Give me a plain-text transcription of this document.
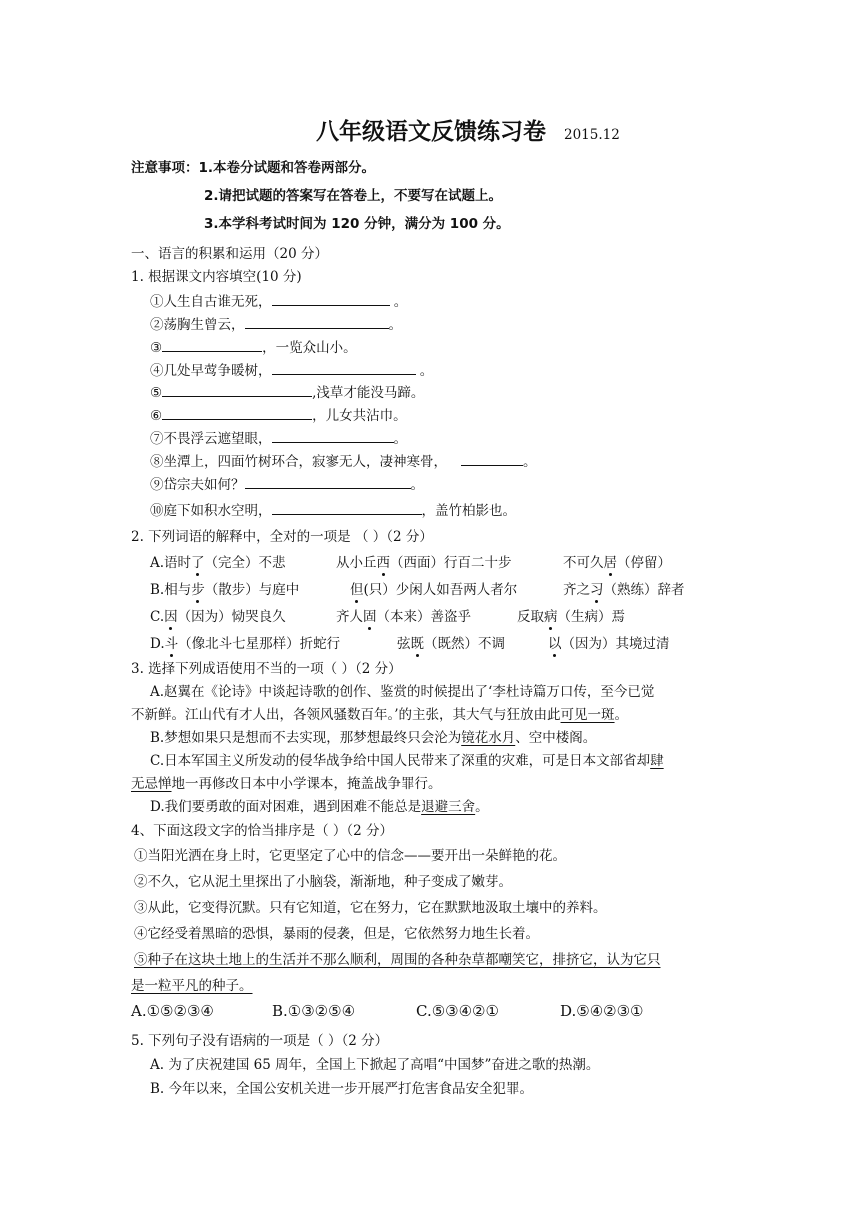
八年级语文反馈练习卷 2015.12
注意事项：1.本卷分试题和答卷两部分。
2.请把试题的答案写在答卷上，不要写在试题上。
3.本学科考试时间为 120 分钟，满分为 100 分。
一、语言的积累和运用（20 分）
1. 根据课文内容填空(10 分)
①人生自古谁无死，	。
②荡胸生曾云，	。
③	，一览众山小。
④几处早莺争暖树，	。
⑤	,浅草才能没马蹄。
⑥	，儿女共沾巾。
⑦不畏浮云遮望眼，	。
⑧坐潭上，四面竹树环合，寂寥无人，凄神寒骨，	。
⑨岱宗夫如何？	。
⑩庭下如积水空明，	，盖竹柏影也。
2. 下列词语的解释中，全对的一项是 （ ）（2 分）
A.语时了（完全）不悲	从小丘西（西面）行百二十步	不可久居（停留）
B.相与步（散步）与庭中	但(只）少闲人如吾两人者尔	齐之习（熟练）辞者
C.因（因为）恸哭良久	齐人固（本来）善盗乎	反取病（生病）焉
D.斗（像北斗七星那样）折蛇行	弦既（既然）不调	以（因为）其境过清
3. 选择下列成语使用不当的一项（ ）（2 分）
A.赵翼在《论诗》中谈起诗歌的创作、鉴赏的时候提出了‘李杜诗篇万口传，至今已觉
不新鲜。江山代有才人出，各领风骚数百年。’的主张，其大气与狂放由此可见一斑。
B.梦想如果只是想而不去实现，那梦想最终只会沦为镜花水月、空中楼阁。
C.日本军国主义所发动的侵华战争给中国人民带来了深重的灾难，可是日本文部省却肆
无忌惮地一再修改日本中小学课本，掩盖战争罪行。
D.我们要勇敢的面对困难，遇到困难不能总是退避三舍。
4、下面这段文字的恰当排序是（ ）（2 分）
①当阳光洒在身上时，它更坚定了心中的信念——要开出一朵鲜艳的花。
②不久，它从泥土里探出了小脑袋，渐渐地，种子变成了嫩芽。
③从此，它变得沉默。只有它知道，它在努力，它在默默地汲取土壤中的养料。
④它经受着黑暗的恐惧，暴雨的侵袭，但是，它依然努力地生长着。
⑤种子在这块土地上的生活并不那么顺利，周围的各种杂草都嘲笑它，排挤它，认为它只
是一粒平凡的种子。
A.①⑤②③④	B.①③②⑤④	C.⑤③④②①	D.⑤④②③①
5. 下列句子没有语病的一项是（ ）（2 分）
A. 为了庆祝建国 65 周年，全国上下掀起了高唱“中国梦”奋进之歌的热潮。
B. 今年以来，全国公安机关进一步开展严打危害食品安全犯罪。
